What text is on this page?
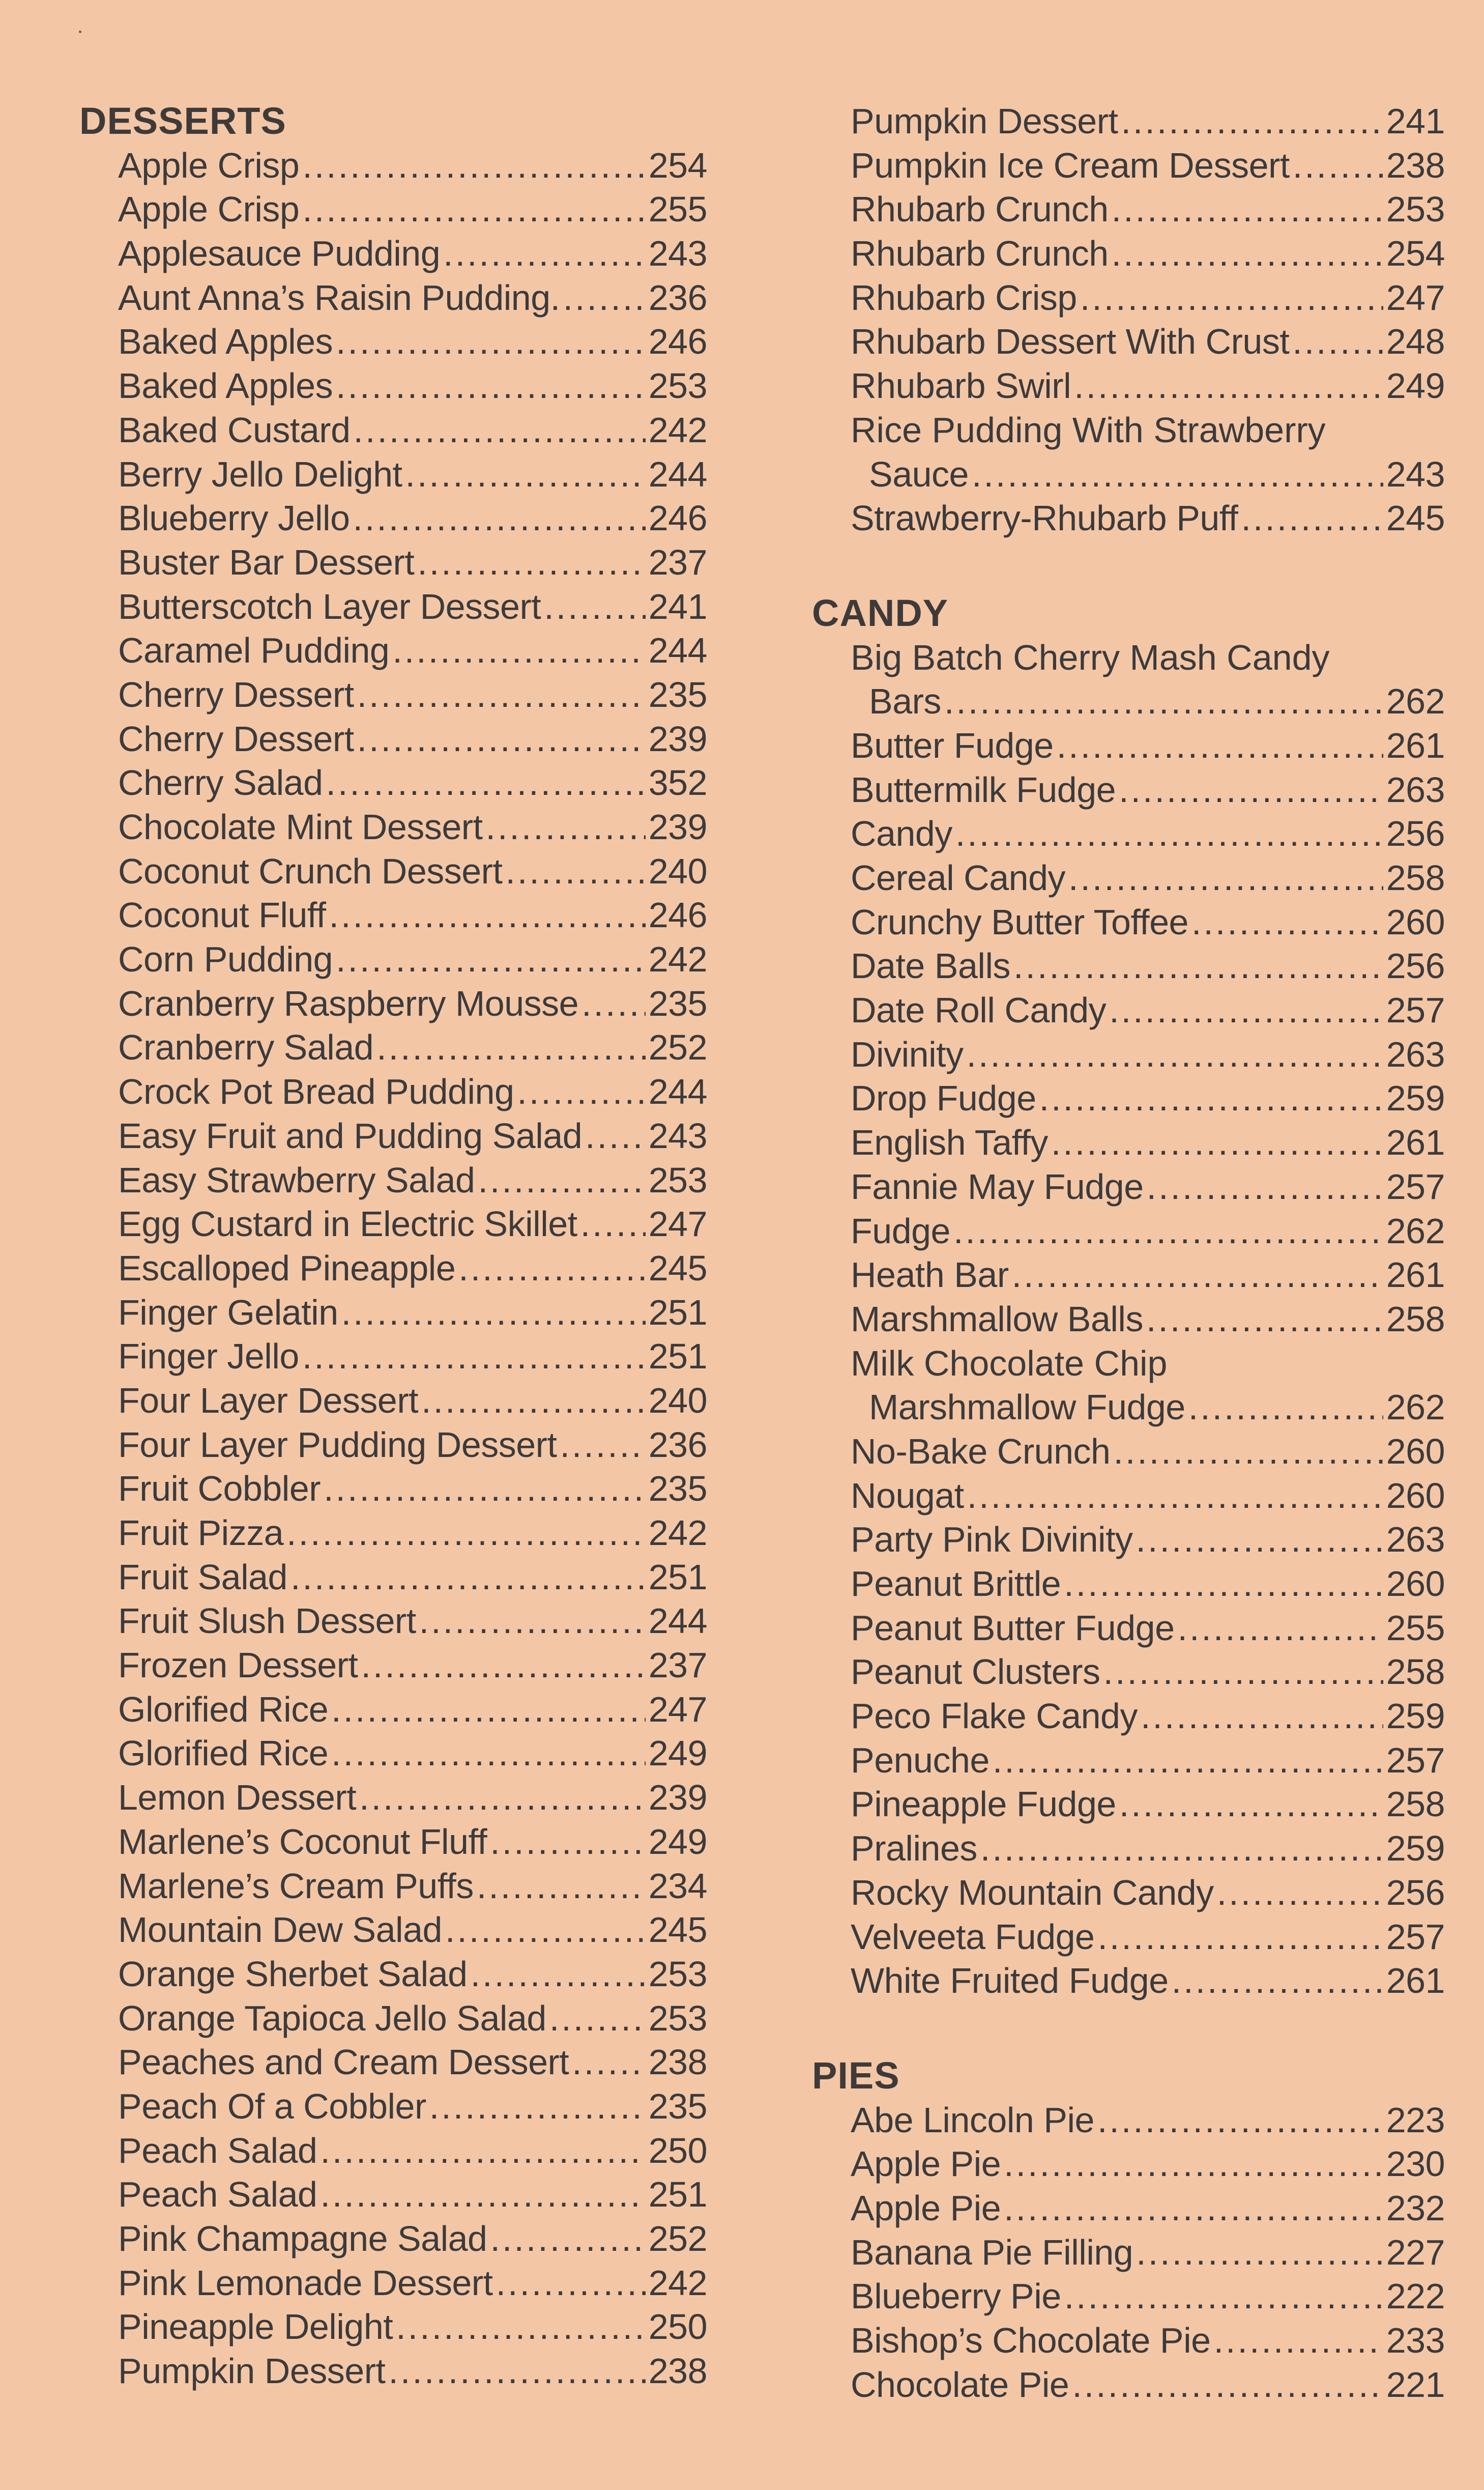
DESSERTS
Apple Crisp .....	254
Apple Crisp .....	255
Applesauce Pudding .....	243
Aunt Anna’s Raisin Pudding. ..... 236
Baked Apples .....	246
Baked Apples .....	253
Baked Custard .....	242
Berry Jello Delight .....	244
Blueberry Jello .....	246
Buster Bar Dessert .....	237
Butterscotch Layer Dessert .....	241
Caramel Pudding .....	244
Cherry Dessert .....	235
Cherry Dessert .....	239
Cherry Salad .....	352
Chocolate Mint Dessert .....	239
Coconut Crunch Dessert .....	240
Coconut Fluff .....	246
Corn Pudding .....	242
Cranberry Raspberry Mousse ..... 235
Cranberry Salad .....	252
Crock Pot Bread Pudding .....	244
Easy Fruit and Pudding Salad ..... 243
Easy Strawberry Salad .....	253
Egg Custard in Electric Skillet ..... 247
Escalloped Pineapple .....	245
Finger Gelatin .....	251
Finger Jello .....	251
Four Layer Dessert .....	240
Four Layer Pudding Dessert .....	236
Fruit Cobbler .....	235
Fruit Pizza .....	242
Fruit Salad .....	251
Fruit Slush Dessert .....	244
Frozen Dessert .....	237
Glorified Rice .....	247
Glorified Rice .....	249
Lemon Dessert .....	239
Marlene’s Coconut Fluff .....	249
Marlene’s Cream Puffs .....	234
Mountain Dew Salad .....	245
Orange Sherbet Salad .....	253
Orange Tapioca Jello Salad .....	253
Peaches and Cream Dessert ..... 238
Peach Of a Cobbler .....	235
Peach Salad .....	250
Peach Salad .....	251
Pink Champagne Salad .....	252
Pink Lemonade Dessert .....	242
Pineapple Delight .....	250
Pumpkin Dessert .....	238
Pumpkin Dessert .....	241
Pumpkin Ice Cream Dessert .....	238
Rhubarb Crunch .....	253
Rhubarb Crunch .....	254
Rhubarb Crisp .....	247
Rhubarb Dessert With Crust .....	248
Rhubarb Swirl .....	249
Rice Pudding With Strawberry
Sauce .....	243
Strawberry-Rhubarb Puff .....	245
CANDY
Big Batch Cherry Mash Candy
Bars .....	262
Butter Fudge .....	261
Buttermilk Fudge .....	263
Candy .....	256
Cereal Candy .....	258
Crunchy Butter Toffee .....	260
Date Balls .....	256
Date Roll Candy .....	257
Divinity .....	263
Drop Fudge .....	259
English Taffy .....	261
Fannie May Fudge .....	257
Fudge .....	262
Heath Bar .....	261
Marshmallow Balls .....	258
Milk Chocolate Chip
Marshmallow Fudge .....	262
No-Bake Crunch .....	260
Nougat .....	260
Party Pink Divinity .....	263
Peanut Brittle .....	260
Peanut Butter Fudge .....	255
Peanut Clusters .....	258
Peco Flake Candy .....	259
Penuche .....	257
Pineapple Fudge .....	258
Pralines .....	259
Rocky Mountain Candy .....	256
Velveeta Fudge .....	257
White Fruited Fudge .....	261
PIES
Abe Lincoln Pie .....	223
Apple Pie .....	230
Apple Pie .....	232
Banana Pie Filling .....	227
Blueberry Pie .....	222
Bishop’s Chocolate Pie .....	233
Chocolate Pie .....	221
